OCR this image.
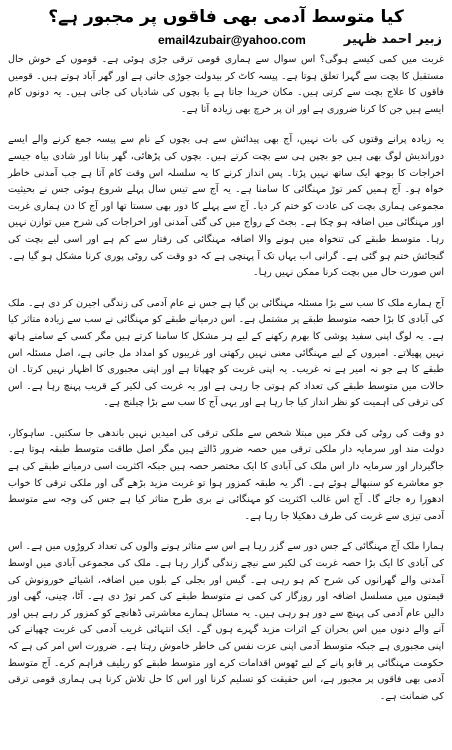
کیا متوسط آدمی بھی فاقوں پر مجبور ہے؟
زبیر احمد ظہیر
email4zubair@yahoo.com

غربت میں کمی کیسے ہوگی؟ اس سوال سے ہماری قومی ترقی جڑی ہوئی ہے۔ قوموں کے خوش حال مستقبل کا بچت سے گہرا تعلق ہوتا ہے۔ پیسہ کاٹ کر بیدولت جوڑی جاتی ہے اور گھر آباد ہوتے ہیں۔ قومیں فاقوں کا علاج بچت سے کرتی ہیں۔ مکان خریدا جاتا ہے یا بچوں کی شادیاں کی جاتی ہیں۔ یہ دونوں کام ایسے ہیں جن کا کرنا ضروری ہے اور ان پر خرچ بھی زیادہ آتا ہے۔

یہ زیادہ پرانے وقتوں کی بات نہیں، آج بھی پیدائش سے ہی بچوں کے نام سے پیسہ جمع کرنے والے ایسے دوراندیش لوگ بھی ہیں جو بچپن ہی سے بچت کرتے ہیں۔ بچوں کی پڑھائی، گھر بنانا اور شادی بیاہ جیسے اخراجات کا بوجھ ایک ساتھ نہیں پڑتا۔ پس انداز کرنے کا یہ سلسلہ اس وقت کام آتا ہے جب آمدنی خاطر خواہ ہو۔ آج ہمیں کمر توڑ مہنگائی کا سامنا ہے۔ یہ آج سے تیس سال پہلے شروع ہوئی جس نے بحیثیت مجموعی ہماری بچت کی عادت کو ختم کر دیا۔ آج سے پہلے کا دور بھی سستا تھا اور آج کا دن ہماری غربت اور مہنگائی میں اضافہ ہو چکا ہے۔ بجٹ کے رواج میں کی گئی آمدنی اور اخراجات کی شرح میں توازن نہیں رہا۔ متوسط طبقے کی تنخواہ میں ہونے والا اضافہ مہنگائی کی رفتار سے کم ہے اور اسی لیے بچت کی گنجائش ختم ہو گئی ہے۔ گرانی اب یہاں تک آ پہنچی ہے کہ دو وقت کی روٹی پوری کرنا مشکل ہو گیا ہے۔ اس صورت حال میں بچت کرنا ممکن نہیں رہا۔

آج ہمارے ملک کا سب سے بڑا مسئلہ مہنگائی بن گیا ہے جس نے عام آدمی کی زندگی اجیرن کر دی ہے۔ ملک کی آبادی کا بڑا حصہ متوسط طبقے پر مشتمل ہے۔ اس درمیانے طبقے کو مہنگائی نے سب سے زیادہ متاثر کیا ہے۔ یہ لوگ اپنی سفید پوشی کا بھرم رکھنے کے لیے ہر مشکل کا سامنا کرتے ہیں مگر کسی کے سامنے ہاتھ نہیں پھیلاتے۔ امیروں کے لیے مہنگائی معنی نہیں رکھتی اور غریبوں کو امداد مل جاتی ہے، اصل مسئلہ اس طبقے کا ہے جو نہ امیر ہے نہ غریب۔ یہ اپنی غربت کو چھپاتا ہے اور اپنی مجبوری کا اظہار نہیں کرتا۔ ان حالات میں متوسط طبقے کی تعداد کم ہوتی جا رہی ہے اور یہ غربت کی لکیر کے قریب پہنچ رہا ہے۔ اس کی ترقی کی اہمیت کو نظر انداز کیا جا رہا ہے اور یہی آج کا سب سے بڑا چیلنج ہے۔

دو وقت کی روٹی کی فکر میں مبتلا شخص سے ملکی ترقی کی امیدیں نہیں باندھی جا سکتیں۔ ساہوکار، دولت مند اور سرمایہ دار ملکی ترقی میں حصہ ضرور ڈالتے ہیں مگر اصل طاقت متوسط طبقہ ہوتا ہے۔ جاگیردار اور سرمایہ دار اس ملک کی آبادی کا ایک مختصر حصہ ہیں جبکہ اکثریت اسی درمیانے طبقے کی ہے جو معاشرے کو سنبھالے ہوئے ہے۔ اگر یہ طبقہ کمزور ہوا تو غربت مزید بڑھے گی اور ملکی ترقی کا خواب ادھورا رہ جائے گا۔ آج اس غالب اکثریت کو مہنگائی نے بری طرح متاثر کیا ہے جس کی وجہ سے متوسط آدمی تیزی سے غربت کی طرف دھکیلا جا رہا ہے۔

ہمارا ملک آج مہنگائی کے جس دور سے گزر رہا ہے اس سے متاثر ہونے والوں کی تعداد کروڑوں میں ہے۔ اس کی آبادی کا ایک بڑا حصہ غربت کی لکیر سے نیچے زندگی گزار رہا ہے۔ ملک کی مجموعی آبادی میں اوسط آمدنی والے گھرانوں کی شرح کم ہو رہی ہے۔ گیس اور بجلی کے بلوں میں اضافہ، اشیائے خورونوش کی قیمتوں میں مسلسل اضافہ اور روزگار کی کمی نے متوسط طبقے کی کمر توڑ دی ہے۔ آٹا، چینی، گھی اور دالیں عام آدمی کی پہنچ سے دور ہو رہی ہیں۔ یہ مسائل ہمارے معاشرتی ڈھانچے کو کمزور کر رہے ہیں اور آنے والے دنوں میں اس بحران کے اثرات مزید گہرے ہوں گے۔ ایک انتہائی غریب آدمی کی غربت چھپانے کی اپنی مجبوری ہے جبکہ متوسط آدمی اپنی عزت نفس کی خاطر خاموش رہتا ہے۔ ضرورت اس امر کی ہے کہ حکومت مہنگائی پر قابو پانے کے لیے ٹھوس اقدامات کرے اور متوسط طبقے کو ریلیف فراہم کرے۔ آج متوسط آدمی بھی فاقوں پر مجبور ہے، اس حقیقت کو تسلیم کرنا اور اس کا حل تلاش کرنا ہی ہماری قومی ترقی کی ضمانت ہے۔
